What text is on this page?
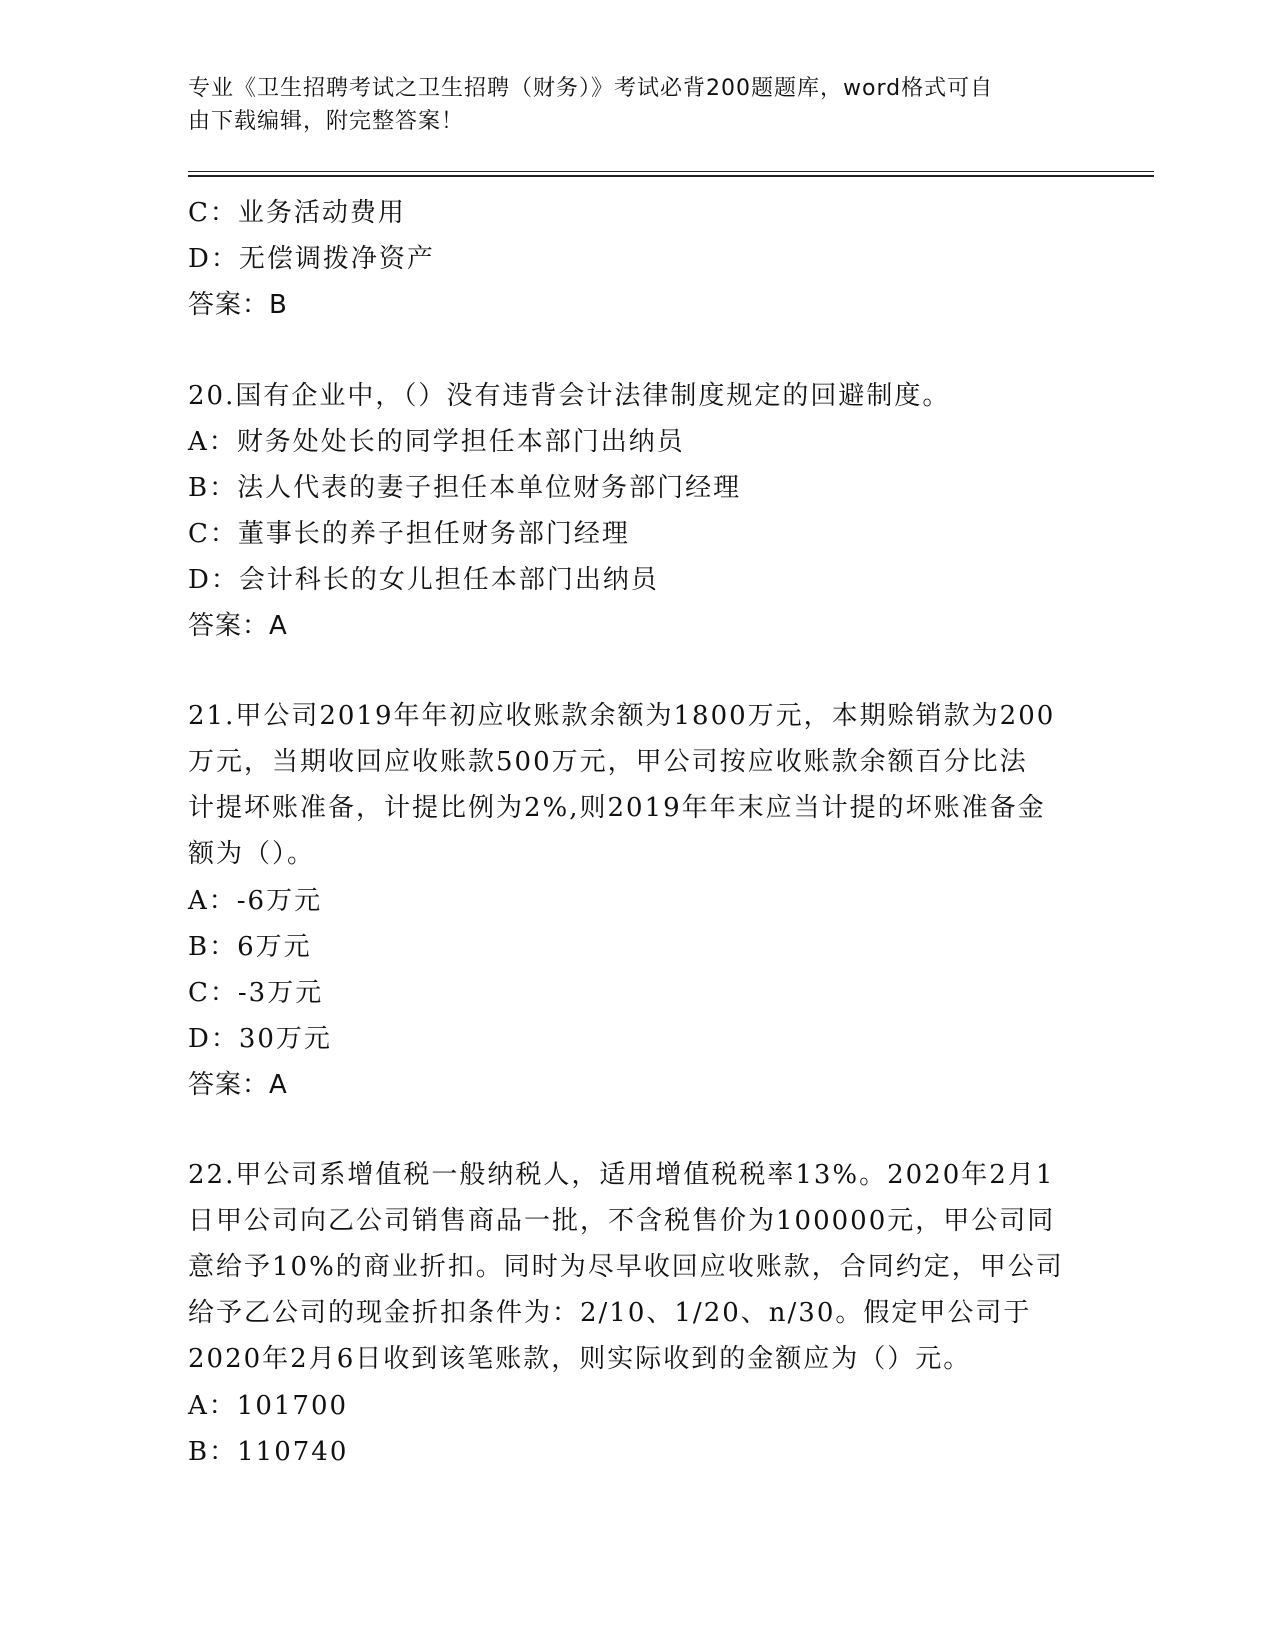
专业《卫生招聘考试之卫生招聘（财务）》考试必背200题题库，word格式可自
由下载编辑，附完整答案！
C：业务活动费用
D：无偿调拨净资产
答案：B
20.国有企业中，（）没有违背会计法律制度规定的回避制度。
A：财务处处长的同学担任本部门出纳员
B：法人代表的妻子担任本单位财务部门经理
C：董事长的养子担任财务部门经理
D：会计科长的女儿担任本部门出纳员
答案：A
21.甲公司2019年年初应收账款余额为1800万元，本期赊销款为200
万元，当期收回应收账款500万元，甲公司按应收账款余额百分比法
计提坏账准备，计提比例为2%,则2019年年末应当计提的坏账准备金
额为（）。
A：-6万元
B：6万元
C：-3万元
D：30万元
答案：A
22.甲公司系增值税一般纳税人，适用增值税税率13%。2020年2月1
日甲公司向乙公司销售商品一批，不含税售价为100000元，甲公司同
意给予10%的商业折扣。同时为尽早收回应收账款，合同约定，甲公司
给予乙公司的现金折扣条件为：2/10、1/20、n/30。假定甲公司于
2020年2月6日收到该笔账款，则实际收到的金额应为（）元。
A：101700
B：110740
